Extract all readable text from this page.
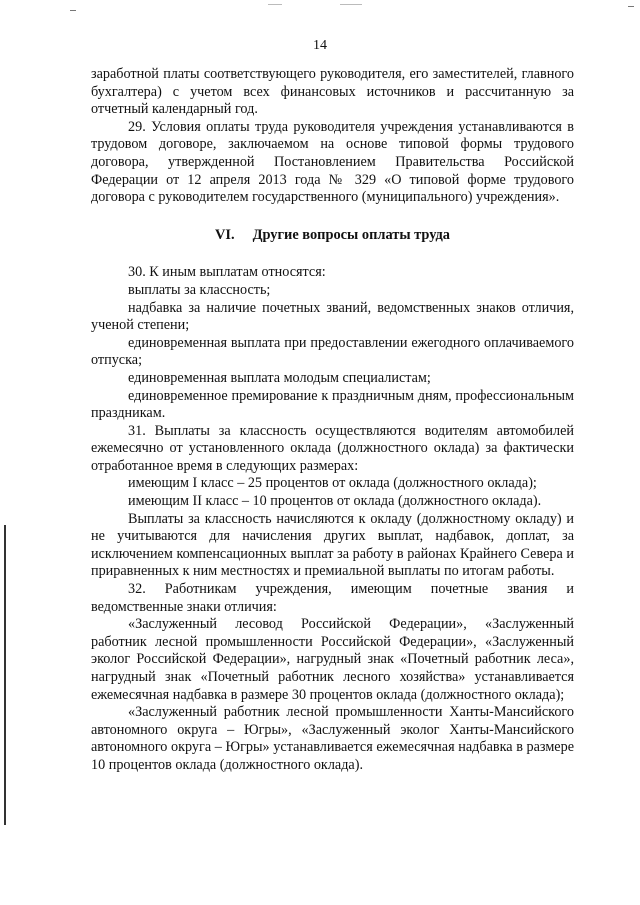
14

заработной платы соответствующего руководителя, его заместителей, главного бухгалтера) с учетом всех финансовых источников и рассчитанную за отчетный календарный год.

29. Условия оплаты труда руководителя учреждения устанавливаются в трудовом договоре, заключаемом на основе типовой формы трудового договора, утвержденной Постановлением Правительства Российской Федерации от 12 апреля 2013 года № 329 «О типовой форме трудового договора с руководителем государственного (муниципального) учреждения».

VI. Другие вопросы оплаты труда

30. К иным выплатам относятся:

выплаты за классность;

надбавка за наличие почетных званий, ведомственных знаков отличия, ученой степени;

единовременная выплата при предоставлении ежегодного оплачиваемого отпуска;

единовременная выплата молодым специалистам;

единовременное премирование к праздничным дням, профессиональным праздникам.

31. Выплаты за классность осуществляются водителям автомобилей ежемесячно от установленного оклада (должностного оклада) за фактически отработанное время в следующих размерах:

имеющим I класс – 25 процентов от оклада (должностного оклада);

имеющим II класс – 10 процентов от оклада (должностного оклада).

Выплаты за классность начисляются к окладу (должностному окладу) и не учитываются для начисления других выплат, надбавок, доплат, за исключением компенсационных выплат за работу в районах Крайнего Севера и приравненных к ним местностях и премиальной выплаты по итогам работы.

32. Работникам учреждения, имеющим почетные звания и ведомственные знаки отличия:

«Заслуженный лесовод Российской Федерации», «Заслуженный работник лесной промышленности Российской Федерации», «Заслуженный эколог Российской Федерации», нагрудный знак «Почетный работник леса», нагрудный знак «Почетный работник лесного хозяйства» устанавливается ежемесячная надбавка в размере 30 процентов оклада (должностного оклада);

«Заслуженный работник лесной промышленности Ханты-Мансийского автономного округа – Югры», «Заслуженный эколог Ханты-Мансийского автономного округа – Югры» устанавливается ежемесячная надбавка в размере 10 процентов оклада (должностного оклада).
